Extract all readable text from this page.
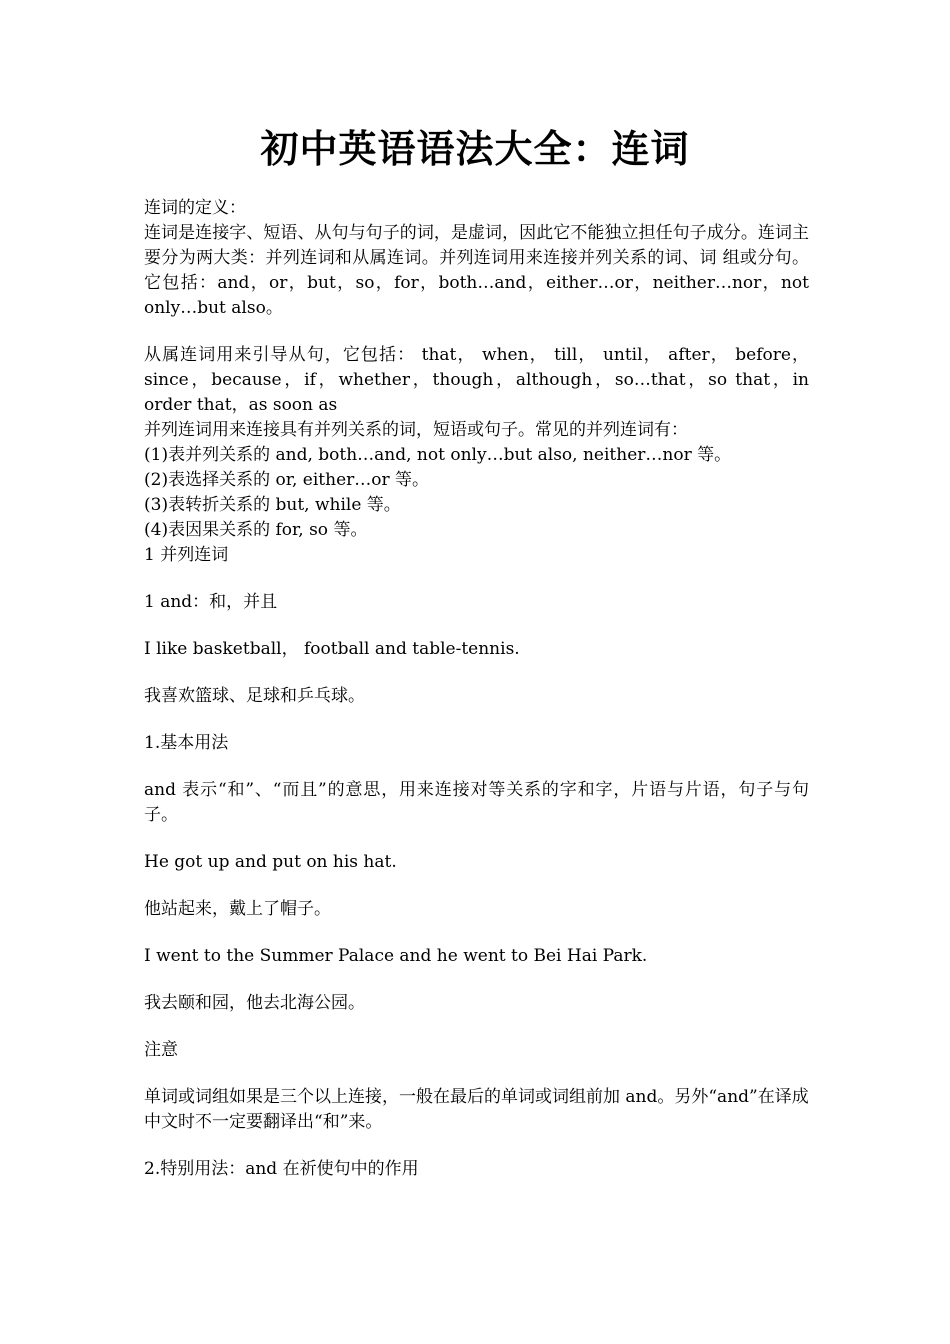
初中英语语法大全：连词

连词的定义：

连词是连接字、短语、从句与句子的词，是虚词，因此它不能独立担任句子成分。连词主要分为两大类：并列连词和从属连词。并列连词用来连接并列关系的词、词 组或分句。它包括：and，or，but，so，for，both…and，either…or，neither…nor，not only…but also。

从属连词用来引导从句，它包括： that， when， till， until， after， before，since，because，if，whether，though，although，so…that，so that，in order that，as soon as

并列连词用来连接具有并列关系的词，短语或句子。常见的并列连词有：

(1)表并列关系的 and, both…and, not only…but also, neither…nor 等。

(2)表选择关系的 or, either…or 等。

(3)表转折关系的 but, while 等。

(4)表因果关系的 for, so 等。

1 并列连词

1 and：和，并且

I like basketball， football and table-tennis.

我喜欢篮球、足球和乒乓球。

1.基本用法

and 表示“和”、“而且”的意思，用来连接对等关系的字和字，片语与片语，句子与句子。

He got up and put on his hat.

他站起来，戴上了帽子。

I went to the Summer Palace and he went to Bei Hai Park.

我去颐和园，他去北海公园。

注意

单词或词组如果是三个以上连接，一般在最后的单词或词组前加 and。另外“and”在译成中文时不一定要翻译出“和”来。

2.特别用法：and 在祈使句中的作用
